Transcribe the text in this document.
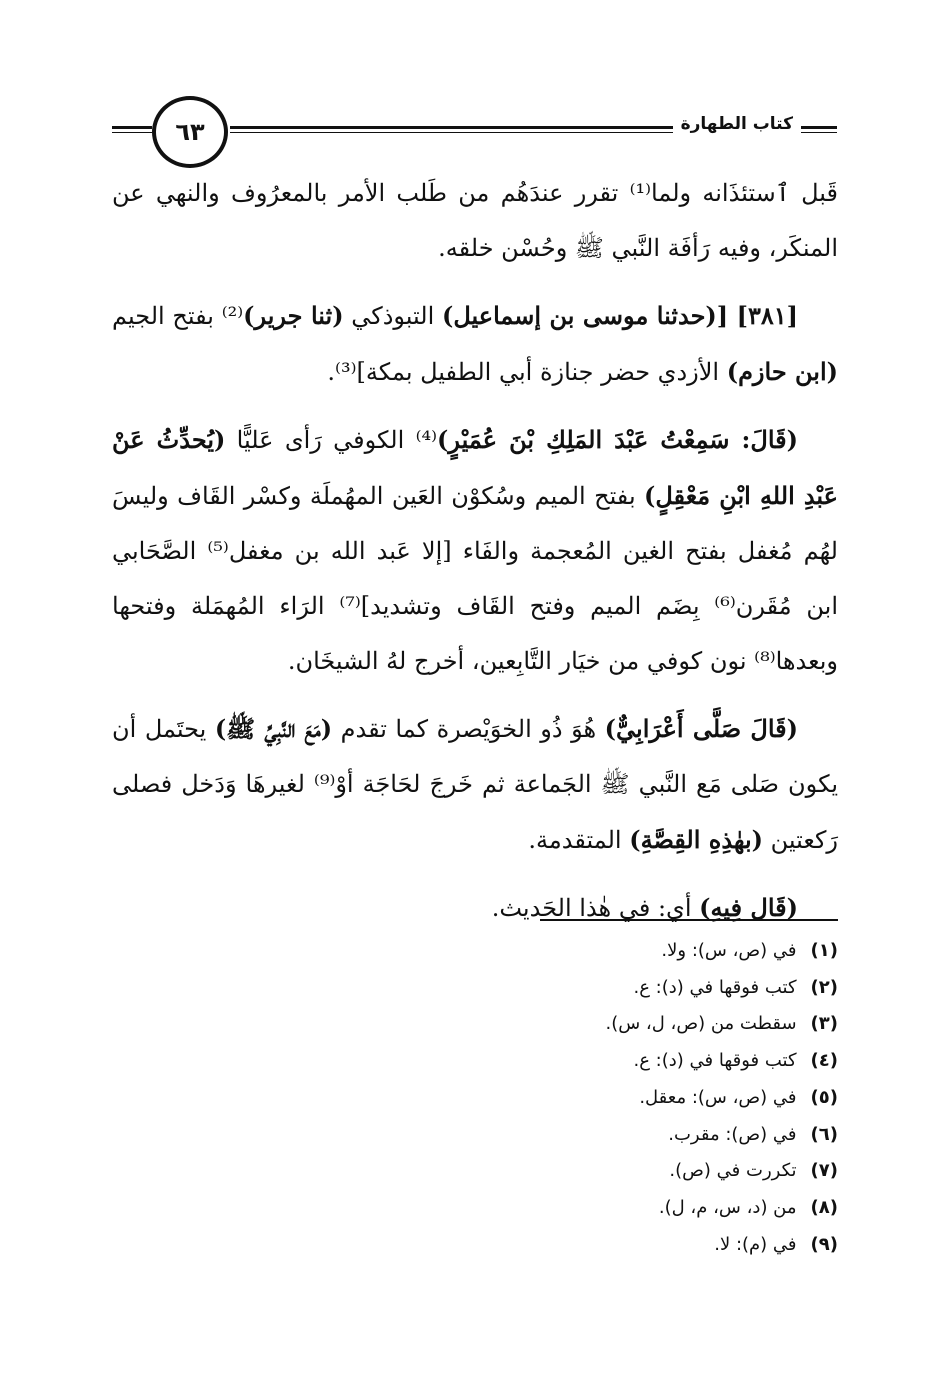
٦٣	كتاب الطهارة

قَبل ٱستئذَانه ولما⁽¹⁾ تقرر عندَهُم من طَلب الأمر بالمعرُوف والنهي عن المنكَر، وفيه رَأفَة النَّبي ﷺ وحُسْن خلقه.

[٣٨١] [(حدثنا موسى بن إسماعيل) التبوذكي (ثنا جرير)⁽²⁾ بفتح الجيم (ابن حازم) الأزدي حضر جنازة أبي الطفيل بمكة]⁽³⁾.

(قَالَ: سَمِعْتُ عَبْدَ المَلِكِ بْنَ عُمَيْرٍ)⁽⁴⁾ الكوفي رَأى عَليًّا (يُحدِّثُ عَنْ عَبْدِ اللهِ ابْنِ مَعْقِلٍ) بفتح الميم وسُكوْن العَين المهُملَة وكسْر القَاف وليسَ لهُم مُغفل بفتح الغين المُعجمة والفَاء [إلا عَبد الله بن مغفل⁽⁵⁾ الصَّحَابي ابن مُقَرن⁽⁶⁾ بِضَم الميم وفتح القَاف وتشديد]⁽⁷⁾ الرَاء المُهمَلة وفتحها وبعدها⁽⁸⁾ نون كوفي من خيَار التَّابِعين، أخرج لهُ الشيخَان.

(قَالَ صَلَّى أَعْرَابِيٌّ) هُوَ ذُو الخوَيْصرة كما تقدم (مَعَ النَّبِيِّ ﷺ) يحتَمل أن يكون صَلى مَع النَّبي ﷺ الجَماعة ثم خَرجَ لحَاجَة أوْ⁽⁹⁾ لغيرهَا وَدَخل فصلى رَكعتين (بهٰذِهِ القِصَّةِ) المتقدمة.

(قَال فِيهِ) أي: في هٰذا الحَديث.

(١)في (ص، س): ولا.
(٢)كتب فوقها في (د): ع.
(٣)سقطت من (ص، ل، س).
(٤)كتب فوقها في (د): ع.
(٥)في (ص، س): معقل.
(٦)في (ص): مقرب.
(٧)تكررت في (ص).
(٨)من (د، س، م، ل).
(٩)في (م): لا.
